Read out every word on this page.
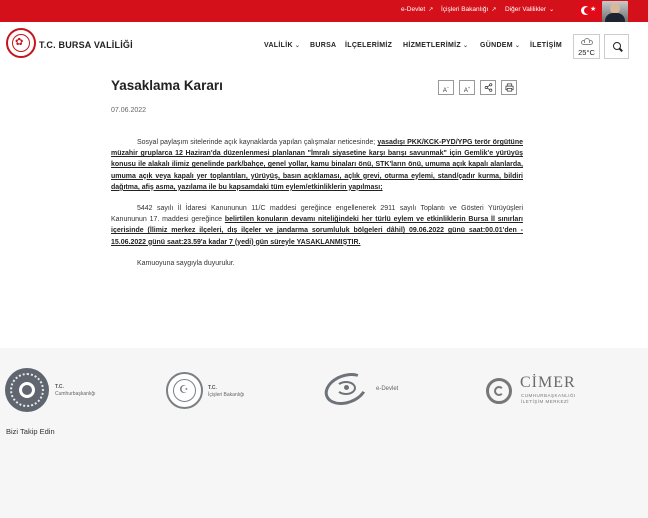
e-Devlet ↗ İçişleri Bakanlığı ↗ Diğer Valilikler ⌄	★
✿ T.C. BURSA VALİLİĞİ	VALİLİK ⌄ BURSA İLÇELERİMİZ HİZMETLERİMİZ ⌄ GÜNDEM ⌄ İLETİŞİM
25°C
Yasaklama Kararı
07.06.2022
A−
A+

Sosyal paylaşım sitelerinde açık kaynaklarda yapılan çalışmalar neticesinde; yasadışı PKK/KCK-PYD/YPG terör örgütüne müzahir gruplarca 12 Haziran'da düzenlenmesi planlanan "İmralı siyasetine karşı barışı savunmak" için Gemlik'e yürüyüş konusu ile alakalı ilimiz genelinde park/bahçe, genel yollar, kamu binaları önü, STK'ların önü, umuma açık kapalı alanlarda, umuma açık veya kapalı yer toplantıları, yürüyüş, basın açıklaması, açlık grevi, oturma eylemi, stand/çadır kurma, bildiri dağıtma, afiş asma, yazılama ile bu kapsamdaki tüm eylem/etkinliklerin yapılması;

5442 sayılı İl İdaresi Kanununun 11/C maddesi gereğince engellenerek 2911 sayılı Toplantı ve Gösteri Yürüyüşleri Kanununun 17. maddesi gereğince belirtilen konuların devamı niteliğindeki her türlü eylem ve etkinliklerin Bursa İl sınırları içerisinde (İlimiz merkez ilçeleri, dış ilçeler ve jandarma sorumluluk bölgeleri dâhil) 09.06.2022 günü saat:00.01'den - 15.06.2022 günü saat:23.59'a kadar 7 (yedi) gün süreyle YASAKLANMIŞTIR.

Kamuoyuna saygıyla duyurulur.

T.C.
Cumhurbaşkanlığı	☪	T.C.
İçişleri Bakanlığı
e-Devlet	CİMER
CUMHURBAŞKANLIĞI
İLETİŞİM MERKEZİ
Bizi Takip Edin
